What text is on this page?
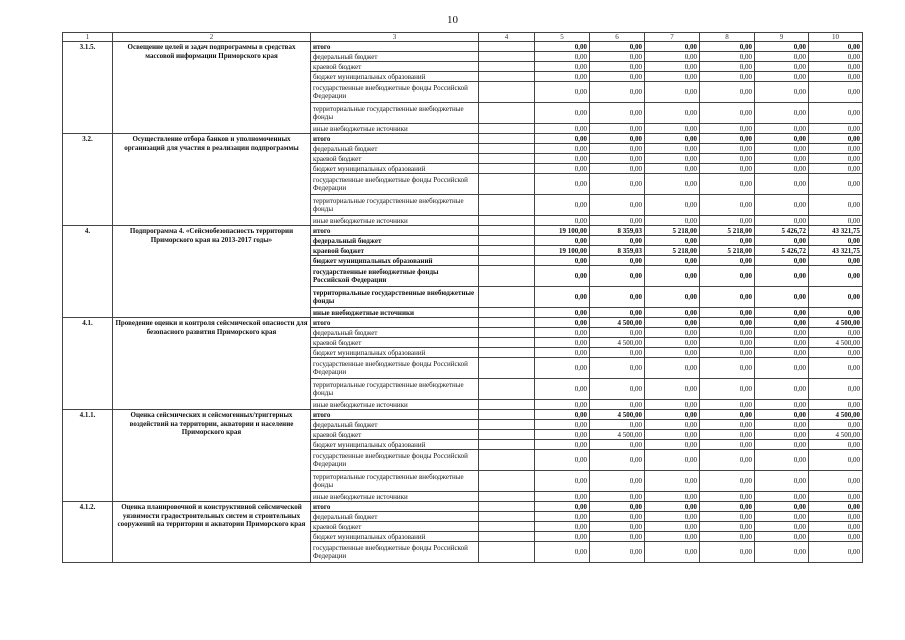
10
1	2	3	4	5	6	7	8	9	10
3.1.5.	Освещение целей и задач подпрограммы в средствах массовой информации Приморского края	итого		0,00	0,00	0,00	0,00	0,00	0,00
		федеральный бюджет		0,00	0,00	0,00	0,00	0,00	0,00
		краевой бюджет		0,00	0,00	0,00	0,00	0,00	0,00
		бюджет муниципальных образований		0,00	0,00	0,00	0,00	0,00	0,00
		государственные внебюджетные фонды Российской Федерации		0,00	0,00	0,00	0,00	0,00	0,00
		территориальные государственные внебюджетные фонды		0,00	0,00	0,00	0,00	0,00	0,00
		иные внебюджетные источники		0,00	0,00	0,00	0,00	0,00	0,00
3.2.	Осуществление отбора банков и уполномоченных организаций для участия в реализации подпрограммы	итого		0,00	0,00	0,00	0,00	0,00	0,00
		федеральный бюджет		0,00	0,00	0,00	0,00	0,00	0,00
		краевой бюджет		0,00	0,00	0,00	0,00	0,00	0,00
		бюджет муниципальных образований		0,00	0,00	0,00	0,00	0,00	0,00
		государственные внебюджетные фонды Российской Федерации		0,00	0,00	0,00	0,00	0,00	0,00
		территориальные государственные внебюджетные фонды		0,00	0,00	0,00	0,00	0,00	0,00
		иные внебюджетные источники		0,00	0,00	0,00	0,00	0,00	0,00
4.	Подпрограмма 4. «Сейсмобезопасность территории Приморского края на 2013-2017 годы»	итого		19 100,00	8 359,03	5 218,00	5 218,00	5 426,72	43 321,75
		федеральный бюджет		0,00	0,00	0,00	0,00	0,00	0,00
		краевой бюджет		19 100,00	8 359,03	5 218,00	5 218,00	5 426,72	43 321,75
		бюджет муниципальных образований		0,00	0,00	0,00	0,00	0,00	0,00
		государственные внебюджетные фонды Российской Федерации		0,00	0,00	0,00	0,00	0,00	0,00
		территориальные государственные внебюджетные фонды		0,00	0,00	0,00	0,00	0,00	0,00
		иные внебюджетные источники		0,00	0,00	0,00	0,00	0,00	0,00
4.1.	Проведение оценки и контроля сейсмической опасности для безопасного развития Приморского края	итого		0,00	4 500,00	0,00	0,00	0,00	4 500,00
		федеральный бюджет		0,00	0,00	0,00	0,00	0,00	0,00
		краевой бюджет		0,00	4 500,00	0,00	0,00	0,00	4 500,00
		бюджет муниципальных образований		0,00	0,00	0,00	0,00	0,00	0,00
		государственные внебюджетные фонды Российской Федерации		0,00	0,00	0,00	0,00	0,00	0,00
		территориальные государственные внебюджетные фонды		0,00	0,00	0,00	0,00	0,00	0,00
		иные внебюджетные источники		0,00	0,00	0,00	0,00	0,00	0,00
4.1.1.	Оценка сейсмических и сейсмогенных/триггерных воздействий на территории, акватории и население Приморского края	итого		0,00	4 500,00	0,00	0,00	0,00	4 500,00
		федеральный бюджет		0,00	0,00	0,00	0,00	0,00	0,00
		краевой бюджет		0,00	4 500,00	0,00	0,00	0,00	4 500,00
		бюджет муниципальных образований		0,00	0,00	0,00	0,00	0,00	0,00
		государственные внебюджетные фонды Российской Федерации		0,00	0,00	0,00	0,00	0,00	0,00
		территориальные государственные внебюджетные фонды		0,00	0,00	0,00	0,00	0,00	0,00
		иные внебюджетные источники		0,00	0,00	0,00	0,00	0,00	0,00
4.1.2.	Оценка планировочной и конструктивной сейсмической уязвимости градостроительных систем и строительных сооружений на территории и акватории Приморского края	итого		0,00	0,00	0,00	0,00	0,00	0,00
		федеральный бюджет		0,00	0,00	0,00	0,00	0,00	0,00
		краевой бюджет		0,00	0,00	0,00	0,00	0,00	0,00
		бюджет муниципальных образований		0,00	0,00	0,00	0,00	0,00	0,00
		государственные внебюджетные фонды Российской Федерации		0,00	0,00	0,00	0,00	0,00	0,00
